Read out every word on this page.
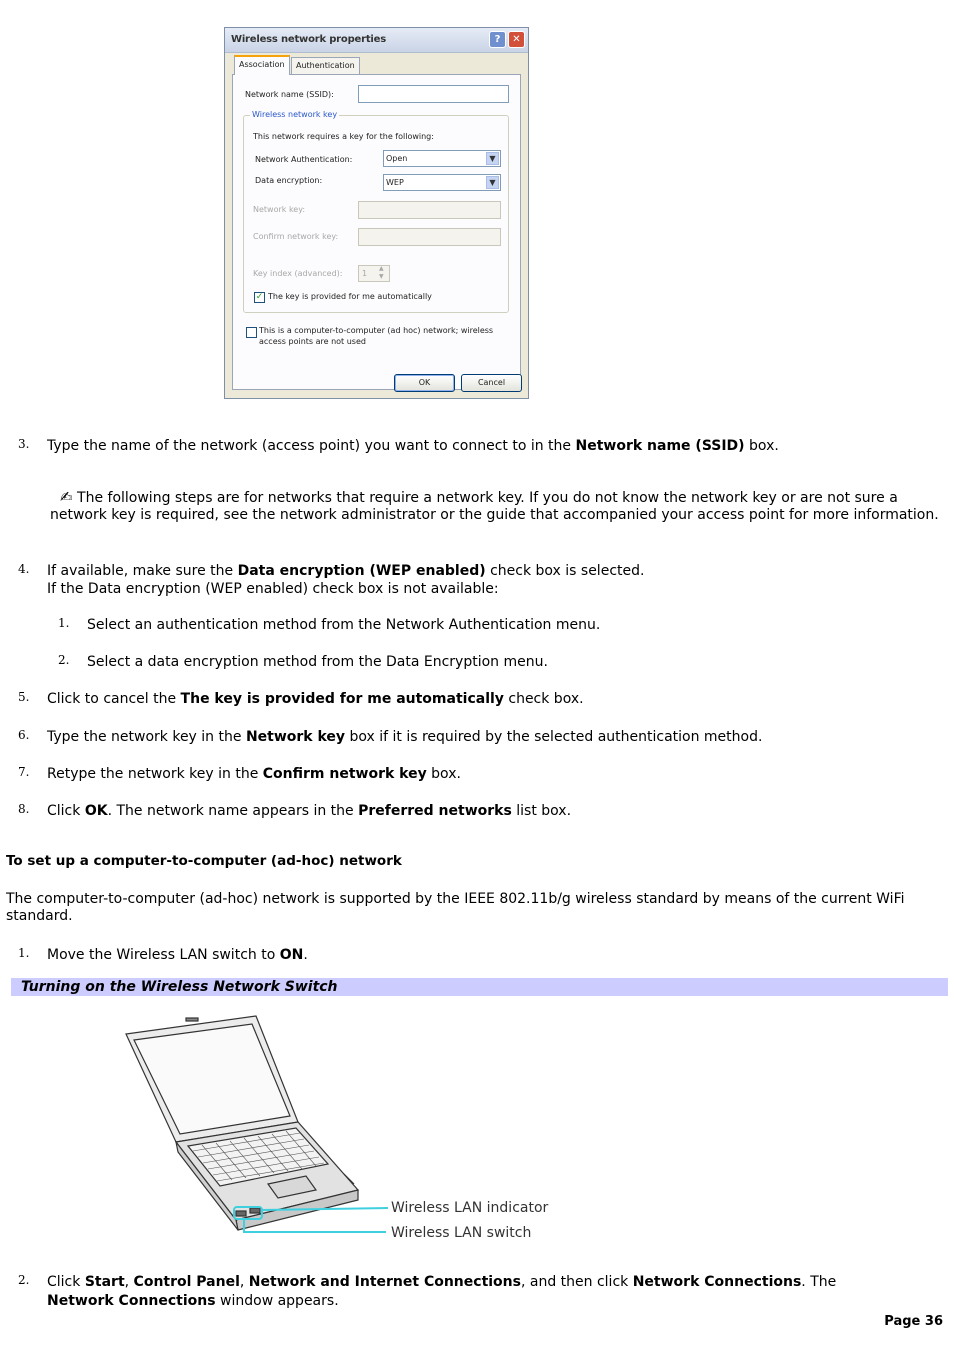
Wireless network properties	?	✕
Association	Authentication
Network name (SSID):
Wireless network key
This network requires a key for the following:
Network Authentication:	Open	▼
Data encryption:	WEP	▼
Network key:
Confirm network key:
Key index (advanced): 1
▲
▼
✓ The key is provided for me automatically
This is a computer-to-computer (ad hoc) network; wireless
access points are not used
OK	Cancel
3. Type the name of the network (access point) you want to connect to in the Network name (SSID) box.
✍ The following steps are for networks that require a network key. If you do not know the network key or are not sure a network key is required, see the network administrator or the guide that accompanied your access point for more information.
4. If available, make sure the Data encryption (WEP enabled) check box is selected.
If the Data encryption (WEP enabled) check box is not available:
1. Select an authentication method from the Network Authentication menu.
2. Select a data encryption method from the Data Encryption menu.
5. Click to cancel the The key is provided for me automatically check box.
6. Type the network key in the Network key box if it is required by the selected authentication method.
7. Retype the network key in the Confirm network key box.
8. Click OK. The network name appears in the Preferred networks list box.
To set up a computer-to-computer (ad-hoc) network
The computer-to-computer (ad-hoc) network is supported by the IEEE 802.11b/g wireless standard by means of the current WiFi standard.
1. Move the Wireless LAN switch to ON.
Turning on the Wireless Network Switch
Wireless LAN indicator
Wireless LAN switch
2. Click Start, Control Panel, Network and Internet Connections, and then click Network Connections. The
Network Connections window appears.
Page 36
